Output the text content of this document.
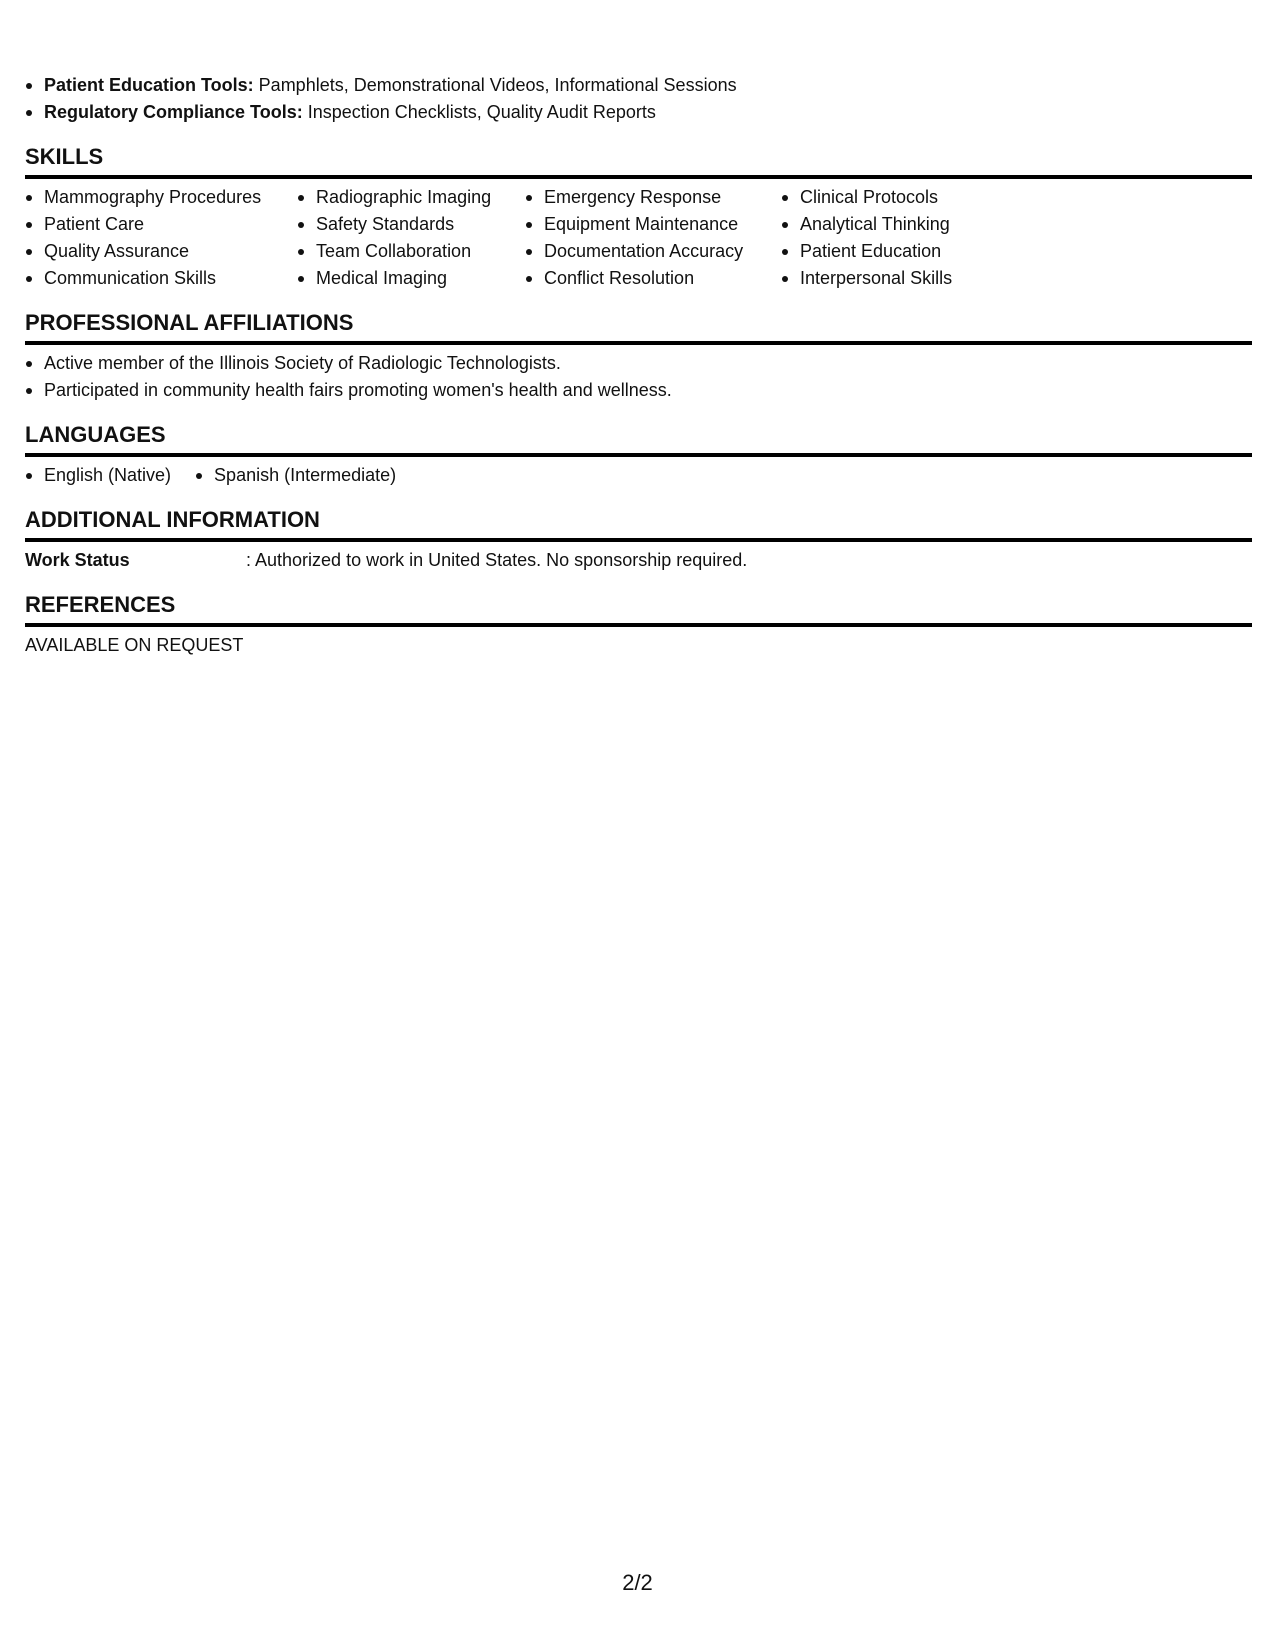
Patient Education Tools: Pamphlets, Demonstrational Videos, Informational Sessions
Regulatory Compliance Tools: Inspection Checklists, Quality Audit Reports
SKILLS
Mammography Procedures
Patient Care
Quality Assurance
Communication Skills
Radiographic Imaging
Safety Standards
Team Collaboration
Medical Imaging
Emergency Response
Equipment Maintenance
Documentation Accuracy
Conflict Resolution
Clinical Protocols
Analytical Thinking
Patient Education
Interpersonal Skills
PROFESSIONAL AFFILIATIONS
Active member of the Illinois Society of Radiologic Technologists.
Participated in community health fairs promoting women's health and wellness.
LANGUAGES
English (Native)	Spanish (Intermediate)
ADDITIONAL INFORMATION
Work Status	: Authorized to work in United States. No sponsorship required.
REFERENCES
AVAILABLE ON REQUEST
2/2
